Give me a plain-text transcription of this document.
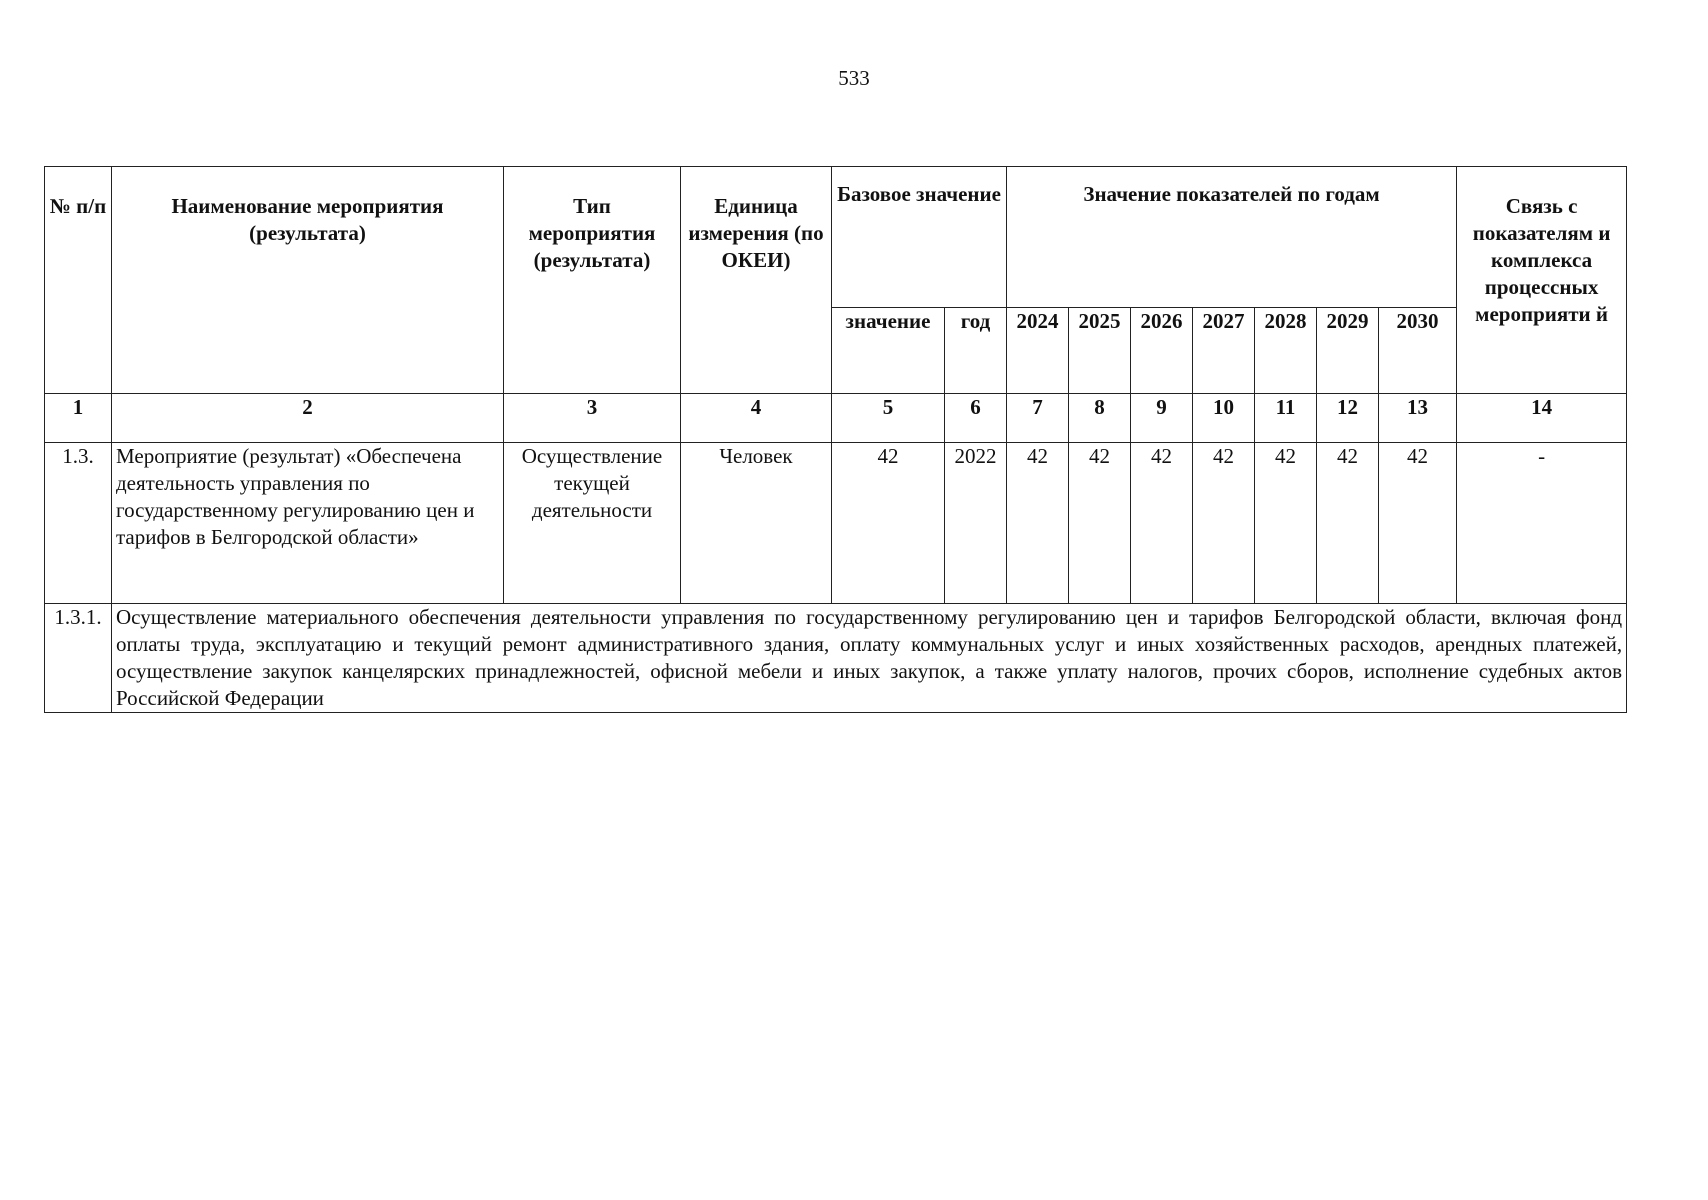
533
№ п/п	Наименование мероприятия (результата)	Тип мероприятия (результата)	Единица измерения (по ОКЕИ)	Базовое значение		Значение показателей по годам							Связь с показателям и комплекса процессных мероприяти й
				значение	год	2024	2025	2026	2027	2028	2029	2030	
1	2	3	4	5	6	7	8	9	10	11	12	13	14
1.3.	Мероприятие (результат) «Обеспечена деятельность управления по государственному регулированию цен и тарифов в Белгородской области»	Осуществление текущей деятельности	Человек	42	2022	42	42	42	42	42	42	42	-
1.3.1.	Осуществление материального обеспечения деятельности управления по государственному регулированию цен и тарифов Белгородской области, включая фонд оплаты труда, эксплуатацию и текущий ремонт административного здания, оплату коммунальных услуг и иных хозяйственных расходов, арендных платежей, осуществление закупок канцелярских принадлежностей, офисной мебели и иных закупок, а также уплату налогов, прочих сборов, исполнение судебных актов Российской Федерации												
